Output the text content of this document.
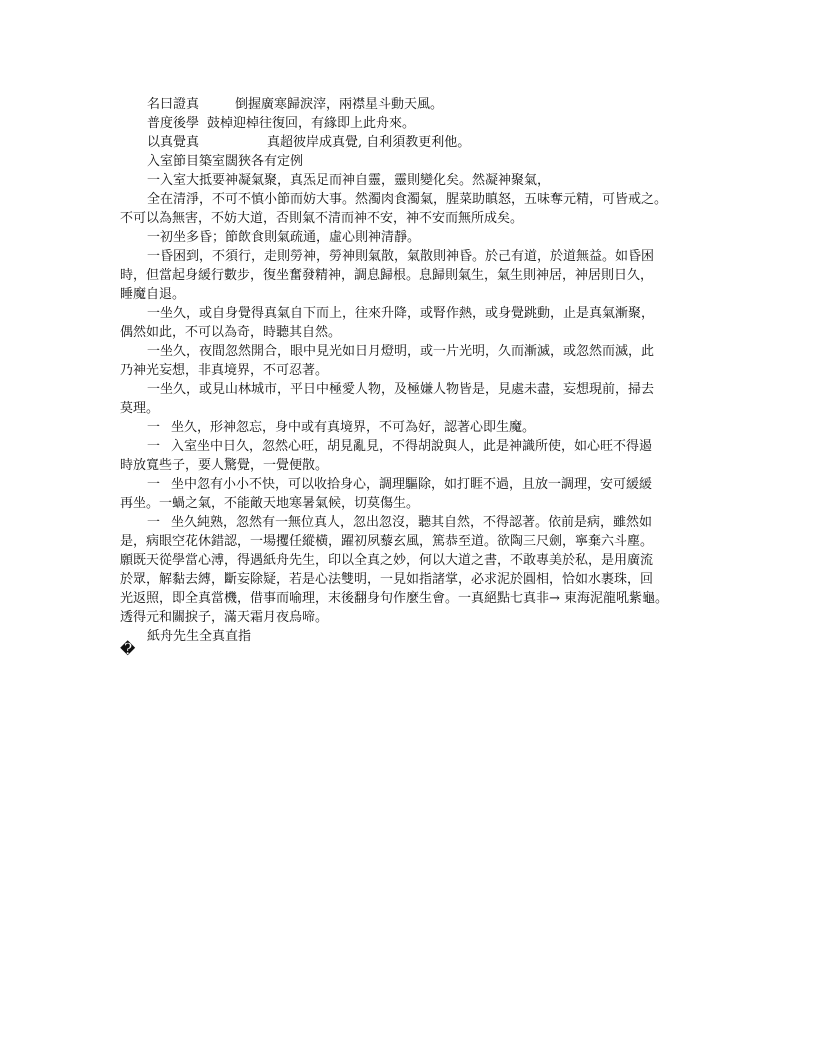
名曰證真	倒握廣寒歸淚滓，兩襟星斗動天風。
普度後學 鼓棹迎棹往復回，有緣即上此舟來。
以真覺真	真超彼岸成真覺, 自利須教更利他。
入室節目築室闊狹各有定例
一入室大抵要神凝氣聚，真炁足而神自靈，靈則變化矣。然凝神聚氣，
全在清淨，不可不慎小節而妨大事。然濁肉食濁氣，腥菜助瞋怒，五味奪元精，可皆戒之。
不可以為無害，不妨大道，否則氣不清而神不安，神不安而無所成矣。
一初坐多昏；節飲食則氣疏通，虛心則神清靜。
一昏困到，不須行，走則勞神，勞神則氣散，氣散則神昏。於己有道，於道無益。如昏困
時，但當起身緩行數步，復坐奮發精神，調息歸根。息歸則氣生，氣生則神居，神居則日久，
睡魔自退。
一坐久，或自身覺得真氣自下而上，往來升降，或腎作熱，或身覺跳動，止是真氣漸聚，
偶然如此，不可以為奇，時聽其自然。
一坐久，夜間忽然開合，眼中見光如日月燈明，或一片光明，久而漸滅，或忽然而滅，此
乃神光妄想，非真境界，不可忍著。
一坐久，或見山林城市，平日中極愛人物，及極嫌人物皆是，見處未盡，妄想現前，掃去
莫理。
一 坐久，形神忽忘，身中或有真境界，不可為好，認著心即生魔。
一 入室坐中日久，忽然心旺，胡見亂見，不得胡說與人，此是神識所使，如心旺不得遏
時放寬些子，要人驚覺，一覺便散。
一 坐中忽有小小不快，可以收拾身心，調理驅除，如打睚不過，且放一調理，安可緩緩
再坐。一蝸之氣，不能敵天地寒暑氣候，切莫傷生。
一 坐久純熟，忽然有一無位真人，忽出忽沒，聽其自然，不得認著。依前是病，雖然如
是，病眼空花休錯認，一場攫任縱橫，躍初夙藜玄風，篤恭至道。欲陶三尺劍，寧棄六斗塵。
願既天從學當心溥，得遇紙舟先生，印以全真之妙，何以大道之書，不敢專美於私，是用廣流
於眾，解黏去縛，斷妄除疑，若是心法雙明，一見如指諸掌，必求泥於圓相，恰如水裹珠，回
光返照，即全真當機，借事而喻理，末後翻身句作麼生會。一真絕點七真非→ 東海泥龍吼紫龜。
透得元和關捩子，滿天霜月夜烏啼。
紙舟先生全真直指
�
